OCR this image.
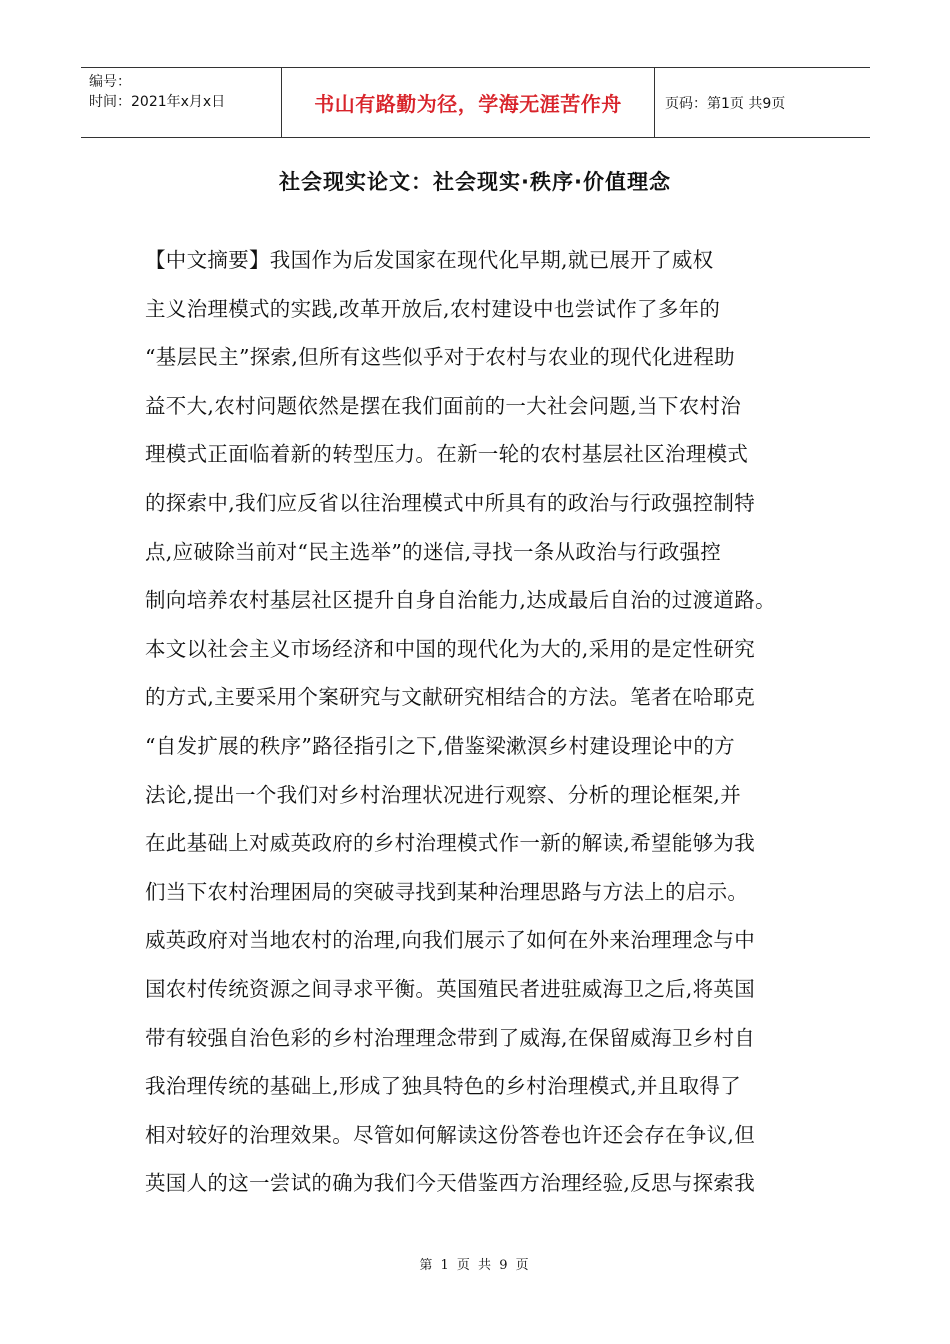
编号：
时间：2021年x月x日	书山有路勤为径，学海无涯苦作舟	页码：第1页 共9页
社会现实论文：社会现实·秩序·价值理念
【中文摘要】我国作为后发国家在现代化早期,就已展开了威权
主义治理模式的实践,改革开放后,农村建设中也尝试作了多年的
“基层民主”探索,但所有这些似乎对于农村与农业的现代化进程助
益不大,农村问题依然是摆在我们面前的一大社会问题,当下农村治
理模式正面临着新的转型压力。在新一轮的农村基层社区治理模式
的探索中,我们应反省以往治理模式中所具有的政治与行政强控制特
点,应破除当前对“民主选举”的迷信,寻找一条从政治与行政强控
制向培养农村基层社区提升自身自治能力,达成最后自治的过渡道路。
本文以社会主义市场经济和中国的现代化为大的,采用的是定性研究
的方式,主要采用个案研究与文献研究相结合的方法。笔者在哈耶克
“自发扩展的秩序”路径指引之下,借鉴梁漱溟乡村建设理论中的方
法论,提出一个我们对乡村治理状况进行观察、分析的理论框架,并
在此基础上对威英政府的乡村治理模式作一新的解读,希望能够为我
们当下农村治理困局的突破寻找到某种治理思路与方法上的启示。
威英政府对当地农村的治理,向我们展示了如何在外来治理理念与中
国农村传统资源之间寻求平衡。英国殖民者进驻威海卫之后,将英国
带有较强自治色彩的乡村治理理念带到了威海,在保留威海卫乡村自
我治理传统的基础上,形成了独具特色的乡村治理模式,并且取得了
相对较好的治理效果。尽管如何解读这份答卷也许还会存在争议,但
英国人的这一尝试的确为我们今天借鉴西方治理经验,反思与探索我
第 1 页 共 9 页
